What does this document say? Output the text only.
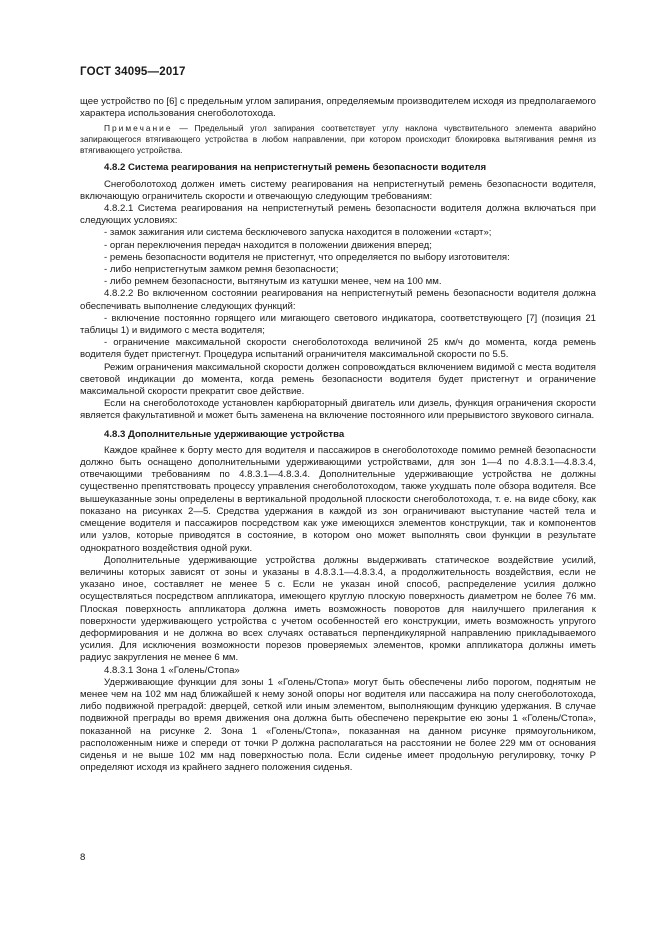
ГОСТ 34095—2017

щее устройство по [6] с предельным углом запирания, определяемым производителем исходя из предполагаемого характера использования снегоболотохода.

Примечание — Предельный угол запирания соответствует углу наклона чувствительного элемента аварийно запирающегося втягивающего устройства в любом направлении, при котором происходит блокировка вытягивания ремня из втягивающего устройства.

4.8.2 Система реагирования на непристегнутый ремень безопасности водителя

Снегоболотоход должен иметь систему реагирования на непристегнутый ремень безопасности водителя, включающую ограничитель скорости и отвечающую следующим требованиям:

4.8.2.1 Система реагирования на непристегнутый ремень безопасности водителя должна включаться при следующих условиях:

- замок зажигания или система бесключевого запуска находится в положении «старт»;

- орган переключения передач находится в положении движения вперед;

- ремень безопасности водителя не пристегнут, что определяется по выбору изготовителя:

- либо непристегнутым замком ремня безопасности;

- либо ремнем безопасности, вытянутым из катушки менее, чем на 100 мм.

4.8.2.2 Во включенном состоянии реагирования на непристегнутый ремень безопасности водителя должна обеспечивать выполнение следующих функций:

- включение постоянно горящего или мигающего светового индикатора, соответствующего [7] (позиция 21 таблицы 1) и видимого с места водителя;

- ограничение максимальной скорости снегоболотохода величиной 25 км/ч до момента, когда ремень водителя будет пристегнут. Процедура испытаний ограничителя максимальной скорости по 5.5.

Режим ограничения максимальной скорости должен сопровождаться включением видимой с места водителя световой индикации до момента, когда ремень безопасности водителя будет пристегнут и ограничение максимальной скорости прекратит свое действие.

Если на снегоболотоходе установлен карбюраторный двигатель или дизель, функция ограничения скорости является факультативной и может быть заменена на включение постоянного или прерывистого звукового сигнала.

4.8.3 Дополнительные удерживающие устройства

Каждое крайнее к борту место для водителя и пассажиров в снегоболотоходе помимо ремней безопасности должно быть оснащено дополнительными удерживающими устройствами, для зон 1—4 по 4.8.3.1—4.8.3.4, отвечающими требованиям по 4.8.3.1—4.8.3.4. Дополнительные удерживающие устройства не должны существенно препятствовать процессу управления снегоболотоходом, также ухудшать поле обзора водителя. Все вышеуказанные зоны определены в вертикальной продольной плоскости снегоболотохода, т. е. на виде сбоку, как показано на рисунках 2—5. Средства удержания в каждой из зон ограничивают выступание частей тела и смещение водителя и пассажиров посредством как уже имеющихся элементов конструкции, так и компонентов или узлов, которые приводятся в состояние, в котором оно может выполнять свои функции в результате однократного воздействия одной руки.

Дополнительные удерживающие устройства должны выдерживать статическое воздействие усилий, величины которых зависят от зоны и указаны в 4.8.3.1—4.8.3.4, а продолжительность воздействия, если не указано иное, составляет не менее 5 с. Если не указан иной способ, распределение усилия должно осуществляться посредством аппликатора, имеющего круглую плоскую поверхность диаметром не более 76 мм. Плоская поверхность аппликатора должна иметь возможность поворотов для наилучшего прилегания к поверхности удерживающего устройства с учетом особенностей его конструкции, иметь возможность упругого деформирования и не должна во всех случаях оставаться перпендикулярной направлению прикладываемого усилия. Для исключения возможности порезов проверяемых элементов, кромки аппликатора должны иметь радиус закругления не менее 6 мм.

4.8.3.1 Зона 1 «Голень/Стопа»

Удерживающие функции для зоны 1 «Голень/Стопа» могут быть обеспечены либо порогом, поднятым не менее чем на 102 мм над ближайшей к нему зоной опоры ног водителя или пассажира на полу снегоболотохода, либо подвижной преградой: дверцей, сеткой или иным элементом, выполняющим функцию удержания. В случае подвижной преграды во время движения она должна быть обеспечено перекрытие ею зоны 1 «Голень/Стопа», показанной на рисунке 2. Зона 1 «Голень/Стопа», показанная на данном рисунке прямоугольником, расположенным ниже и спереди от точки P должна располагаться на расстоянии не более 229 мм от основания сиденья и не выше 102 мм над поверхностью пола. Если сиденье имеет продольную регулировку, точку P определяют исходя из крайнего заднего положения сиденья.

8
